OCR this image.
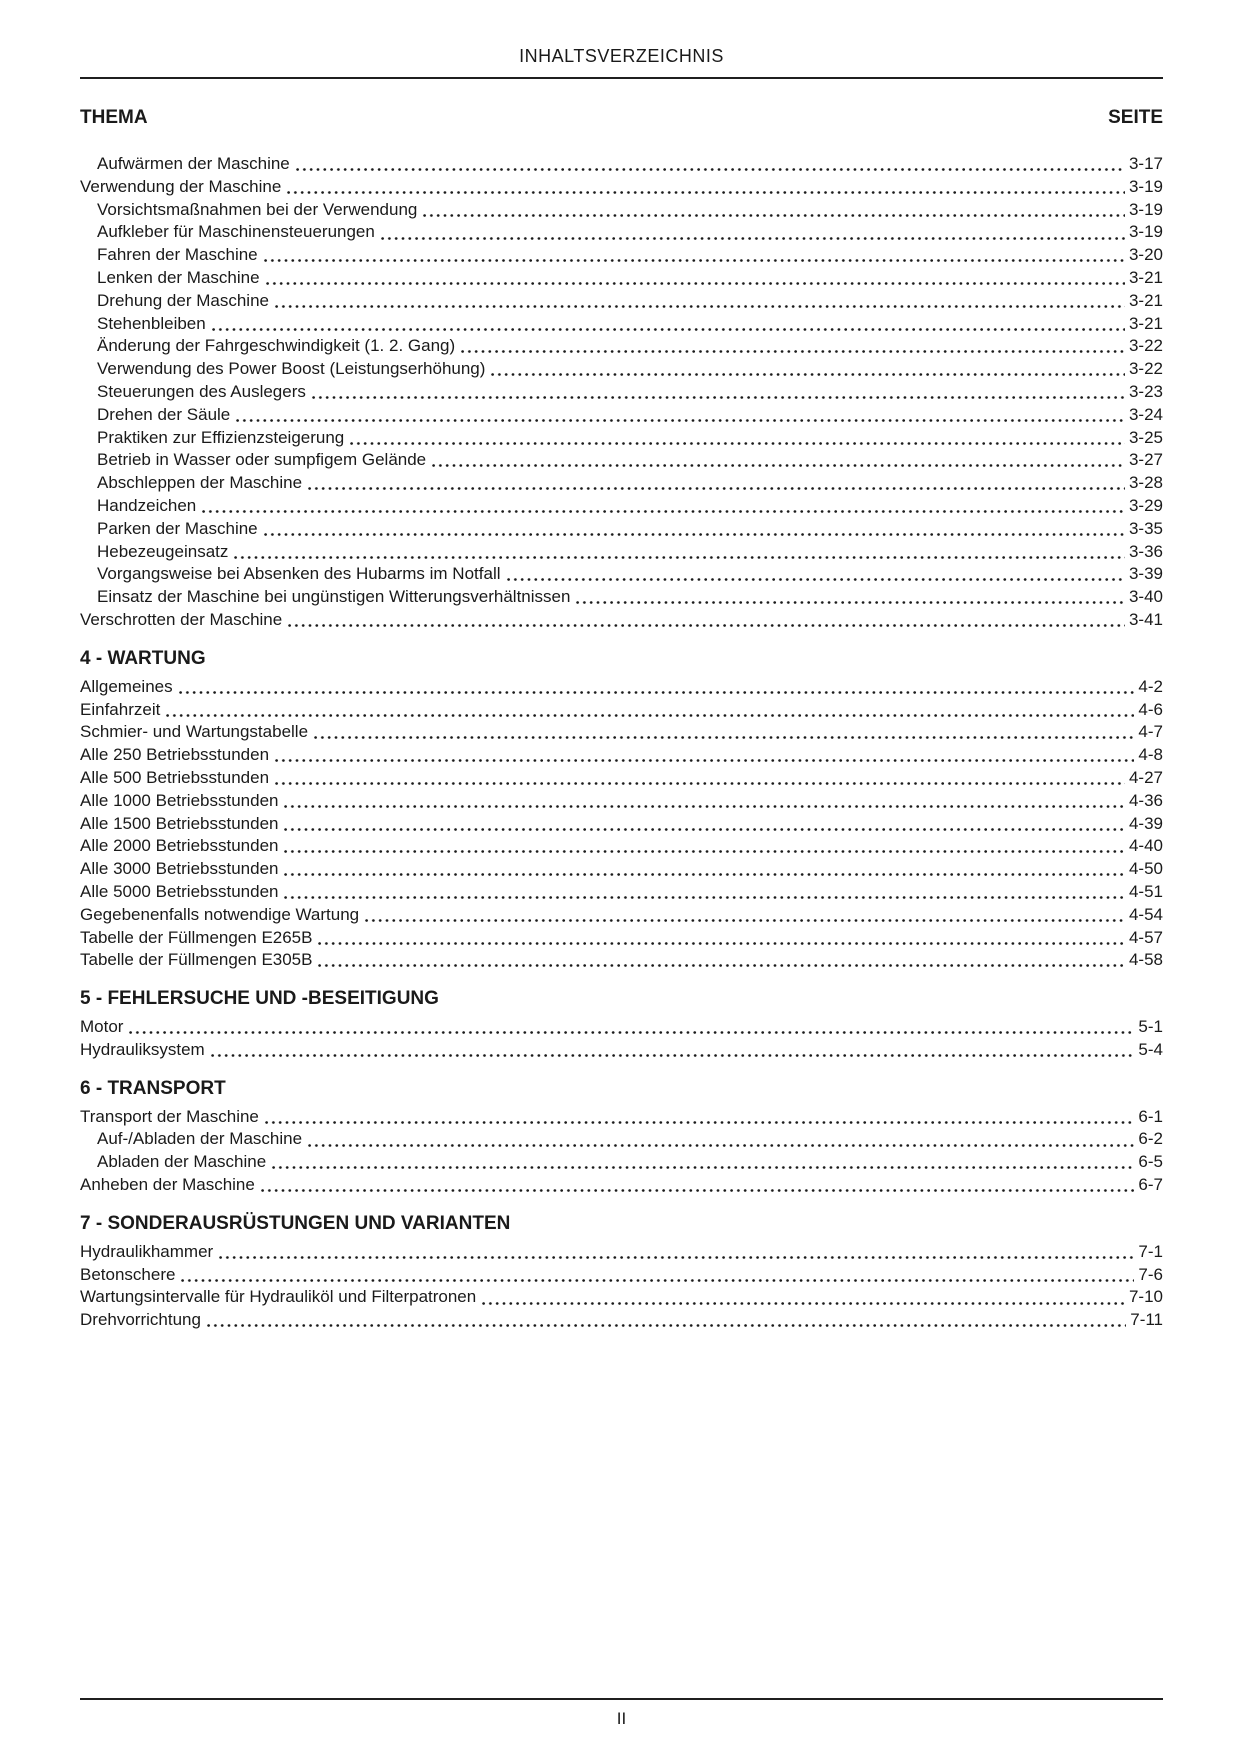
INHALTSVERZEICHNIS
THEMA	SEITE
Aufwärmen der Maschine	3-17
Verwendung der Maschine	3-19
Vorsichtsmaßnahmen bei der Verwendung	3-19
Aufkleber für Maschinensteuerungen	3-19
Fahren der Maschine	3-20
Lenken der Maschine	3-21
Drehung der Maschine	3-21
Stehenbleiben	3-21
Änderung der Fahrgeschwindigkeit (1. 2. Gang)	3-22
Verwendung des Power Boost (Leistungserhöhung)	3-22
Steuerungen des Auslegers	3-23
Drehen der Säule	3-24
Praktiken zur Effizienzsteigerung	3-25
Betrieb in Wasser oder sumpfigem Gelände	3-27
Abschleppen der Maschine	3-28
Handzeichen	3-29
Parken der Maschine	3-35
Hebezeugeinsatz	3-36
Vorgangsweise bei Absenken des Hubarms im Notfall	3-39
Einsatz der Maschine bei ungünstigen Witterungsverhältnissen	3-40
Verschrotten der Maschine	3-41
4 - WARTUNG
Allgemeines	4-2
Einfahrzeit	4-6
Schmier- und Wartungstabelle	4-7
Alle 250 Betriebsstunden	4-8
Alle 500 Betriebsstunden	4-27
Alle 1000 Betriebsstunden	4-36
Alle 1500 Betriebsstunden	4-39
Alle 2000 Betriebsstunden	4-40
Alle 3000 Betriebsstunden	4-50
Alle 5000 Betriebsstunden	4-51
Gegebenenfalls notwendige Wartung	4-54
Tabelle der Füllmengen E265B	4-57
Tabelle der Füllmengen E305B	4-58
5 - FEHLERSUCHE UND -BESEITIGUNG
Motor	5-1
Hydrauliksystem	5-4
6 - TRANSPORT
Transport der Maschine	6-1
Auf-/Abladen der Maschine	6-2
Abladen der Maschine	6-5
Anheben der Maschine	6-7
7 - SONDERAUSRÜSTUNGEN UND VARIANTEN
Hydraulikhammer	7-1
Betonschere	7-6
Wartungsintervalle für Hydrauliköl und Filterpatronen	7-10
Drehvorrichtung	7-11
II
